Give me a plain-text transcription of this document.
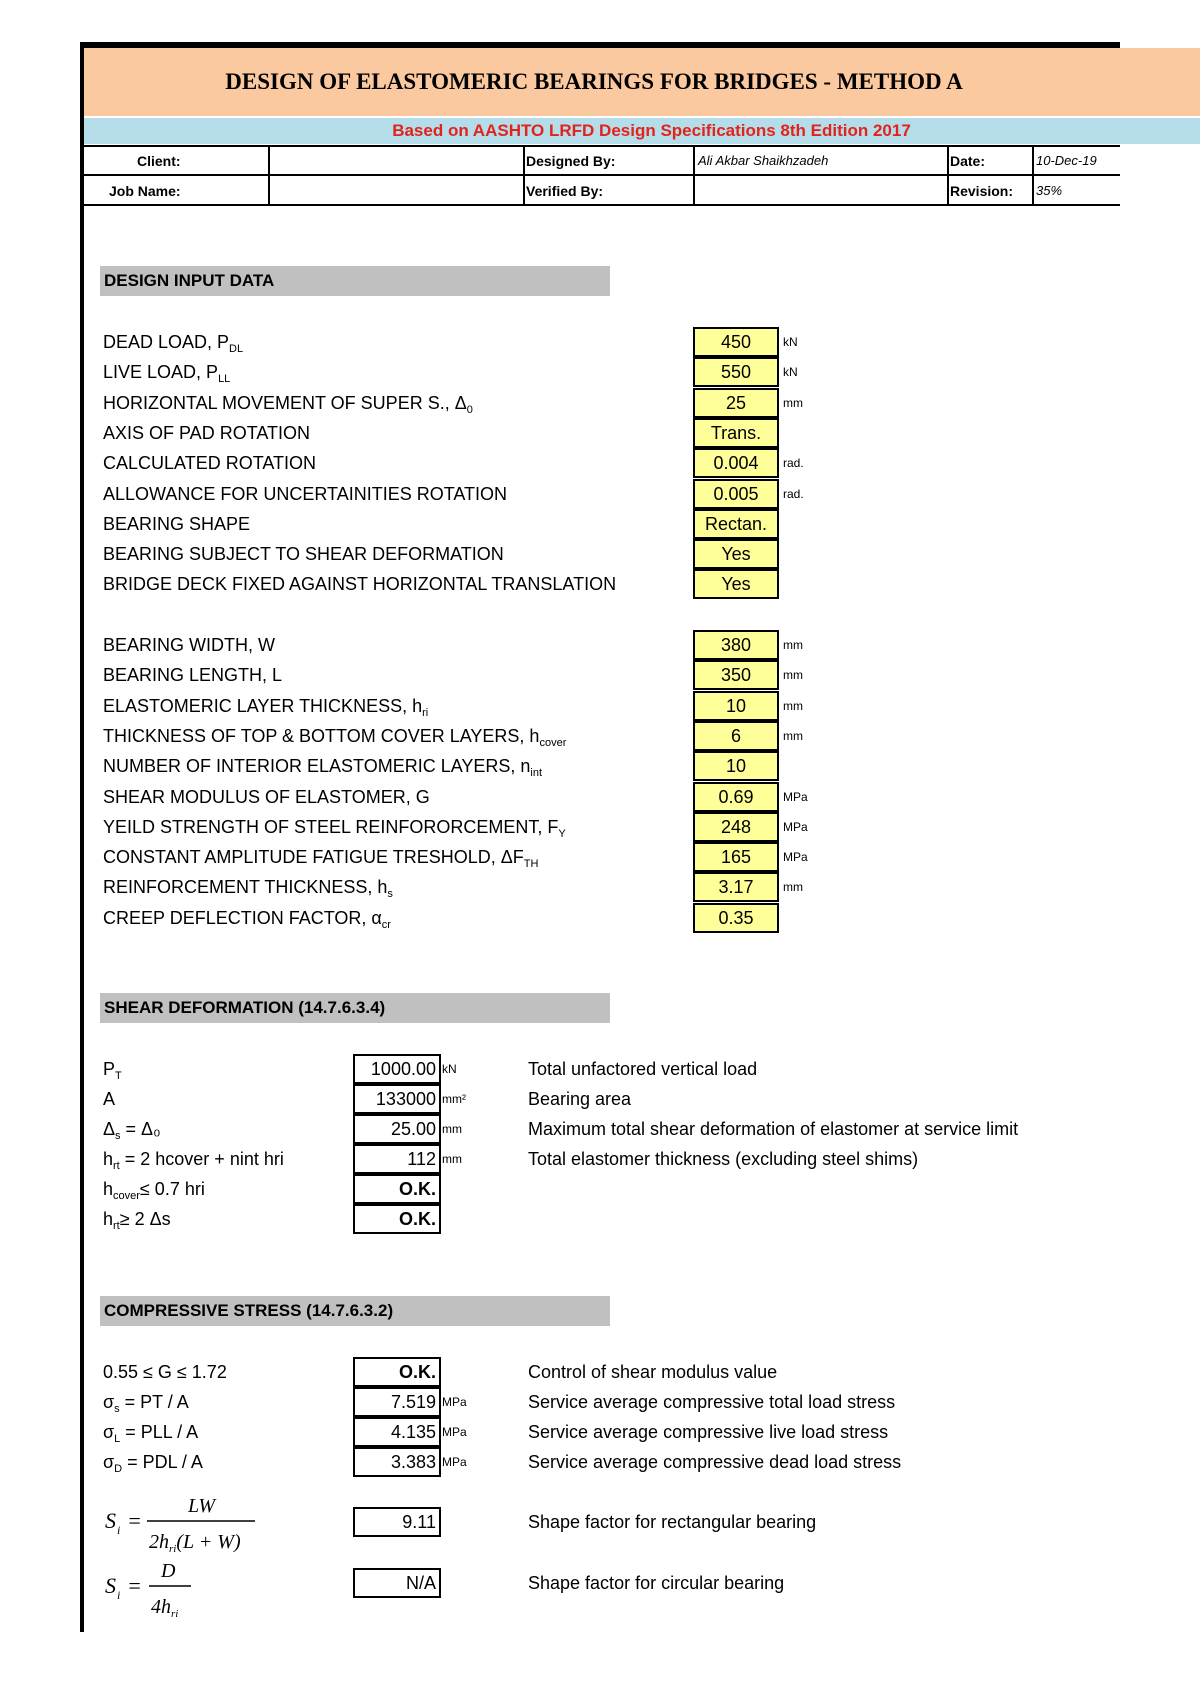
DESIGN OF ELASTOMERIC BEARINGS FOR BRIDGES - METHOD A
Based on AASHTO LRFD Design Specifications 8th Edition 2017
Client:	Designed By:	Ali Akbar Shaikhzadeh	Date:	10-Dec-19
Job Name:	Verified By:	Revision: 35%
DESIGN INPUT DATA
DEAD LOAD, $P_{DL}$	450	kN
LIVE LOAD, $P_{LL}$	550	kN
HORIZONTAL MOVEMENT OF SUPER S., $\Delta_0$	25	mm
AXIS OF PAD ROTATION	Trans.
CALCULATED ROTATION	0.004	rad.
ALLOWANCE FOR UNCERTAINITIES ROTATION	0.005	rad.
BEARING SHAPE	Rectan.
BEARING SUBJECT TO SHEAR DEFORMATION	Yes
BRIDGE DECK FIXED AGAINST HORIZONTAL TRANSLATION	Yes
BEARING WIDTH, W	380	mm
BEARING LENGTH, L	350	mm
ELASTOMERIC LAYER THICKNESS, $h_{ri}$	10	mm
THICKNESS OF TOP & BOTTOM COVER LAYERS, $h_{cover}$	6	mm
NUMBER OF INTERIOR ELASTOMERIC LAYERS, $n_{int}$	10
SHEAR MODULUS OF ELASTOMER, G	0.69	MPa
YEILD STRENGTH OF STEEL REINFORORCEMENT, $F_Y$	248	MPa
CONSTANT AMPLITUDE FATIGUE TRESHOLD, $\Delta F_{TH}$	165	MPa
REINFORCEMENT THICKNESS, $h_s$	3.17	mm
CREEP DEFLECTION FACTOR, $\alpha_{cr}$	0.35
SHEAR DEFORMATION (14.7.6.3.4)
$P_T$	1000.00 kN	Total unfactored vertical load
A	133000 mm²	Bearing area
$\Delta_s = \Delta_0$	25.00 mm	Maximum total shear deformation of elastomer at service limit
$h_{rt} = 2$ hcover + nint hri	112 mm	Total elastomer thickness (excluding steel shims)
$h_{cover}\le 0.7$ hri	O.K.
$h_{rt}\ge 2$ Δs	O.K.
COMPRESSIVE STRESS (14.7.6.3.2)
0.55 ≤ G ≤ 1.72	O.K.	Control of shear modulus value
$\sigma_s$ = PT / A	7.519 MPa	Service average compressive total load stress
$\sigma_L$ = PLL / A	4.135 MPa	Service average compressive live load stress
$\sigma_D$ = PDL / A	3.383 MPa	Service average compressive dead load stress
S i =
LW
$2h_{ri}(L + W)$
S i =
D
$4h_{ri}$
9.11	Shape factor for rectangular bearing
N/A	Shape factor for circular bearing
